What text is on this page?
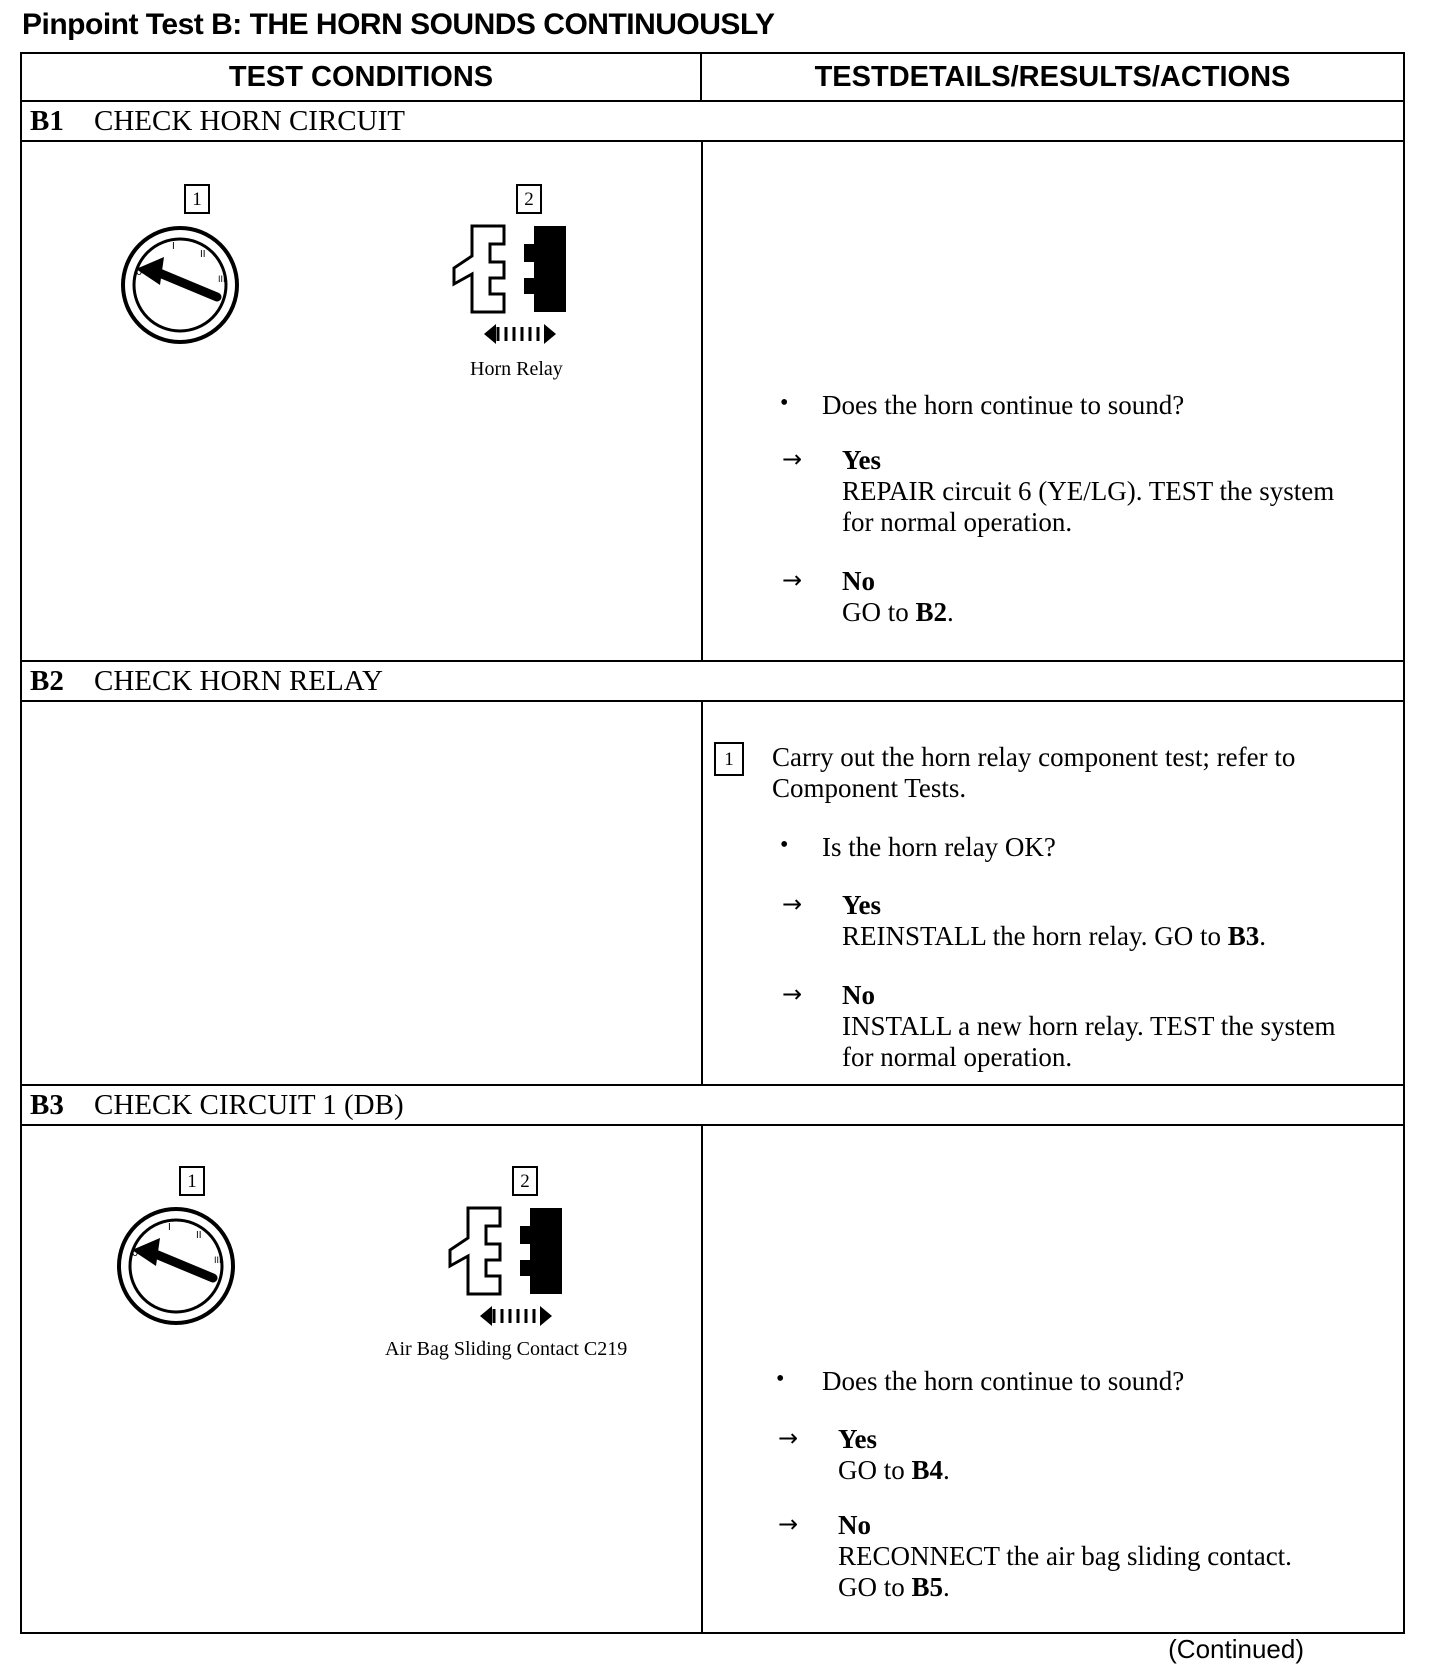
Pinpoint Test B: THE HORN SOUNDS CONTINUOUSLY
TEST CONDITIONS	TESTDETAILS/RESULTS/ACTIONS
B1 CHECK HORN CIRCUIT
1
0
I
II
III
2
Horn Relay
• Does the horn continue to sound?
→ Yes
REPAIR circuit 6 (YE/LG). TEST the system
for normal operation.
→ No
GO to B2.
B2 CHECK HORN RELAY
1	Carry out the horn relay component test; refer to
Component Tests.
• Is the horn relay OK?
→ Yes
REINSTALL the horn relay. GO to B3.
→ No
INSTALL a new horn relay. TEST the system
for normal operation.
B3 CHECK CIRCUIT 1 (DB)
1
0
I
II
III
2
Air Bag Sliding Contact C219
• Does the horn continue to sound?
→ Yes
GO to B4.
→ No
RECONNECT the air bag sliding contact.
GO to B5.
(Continued)
